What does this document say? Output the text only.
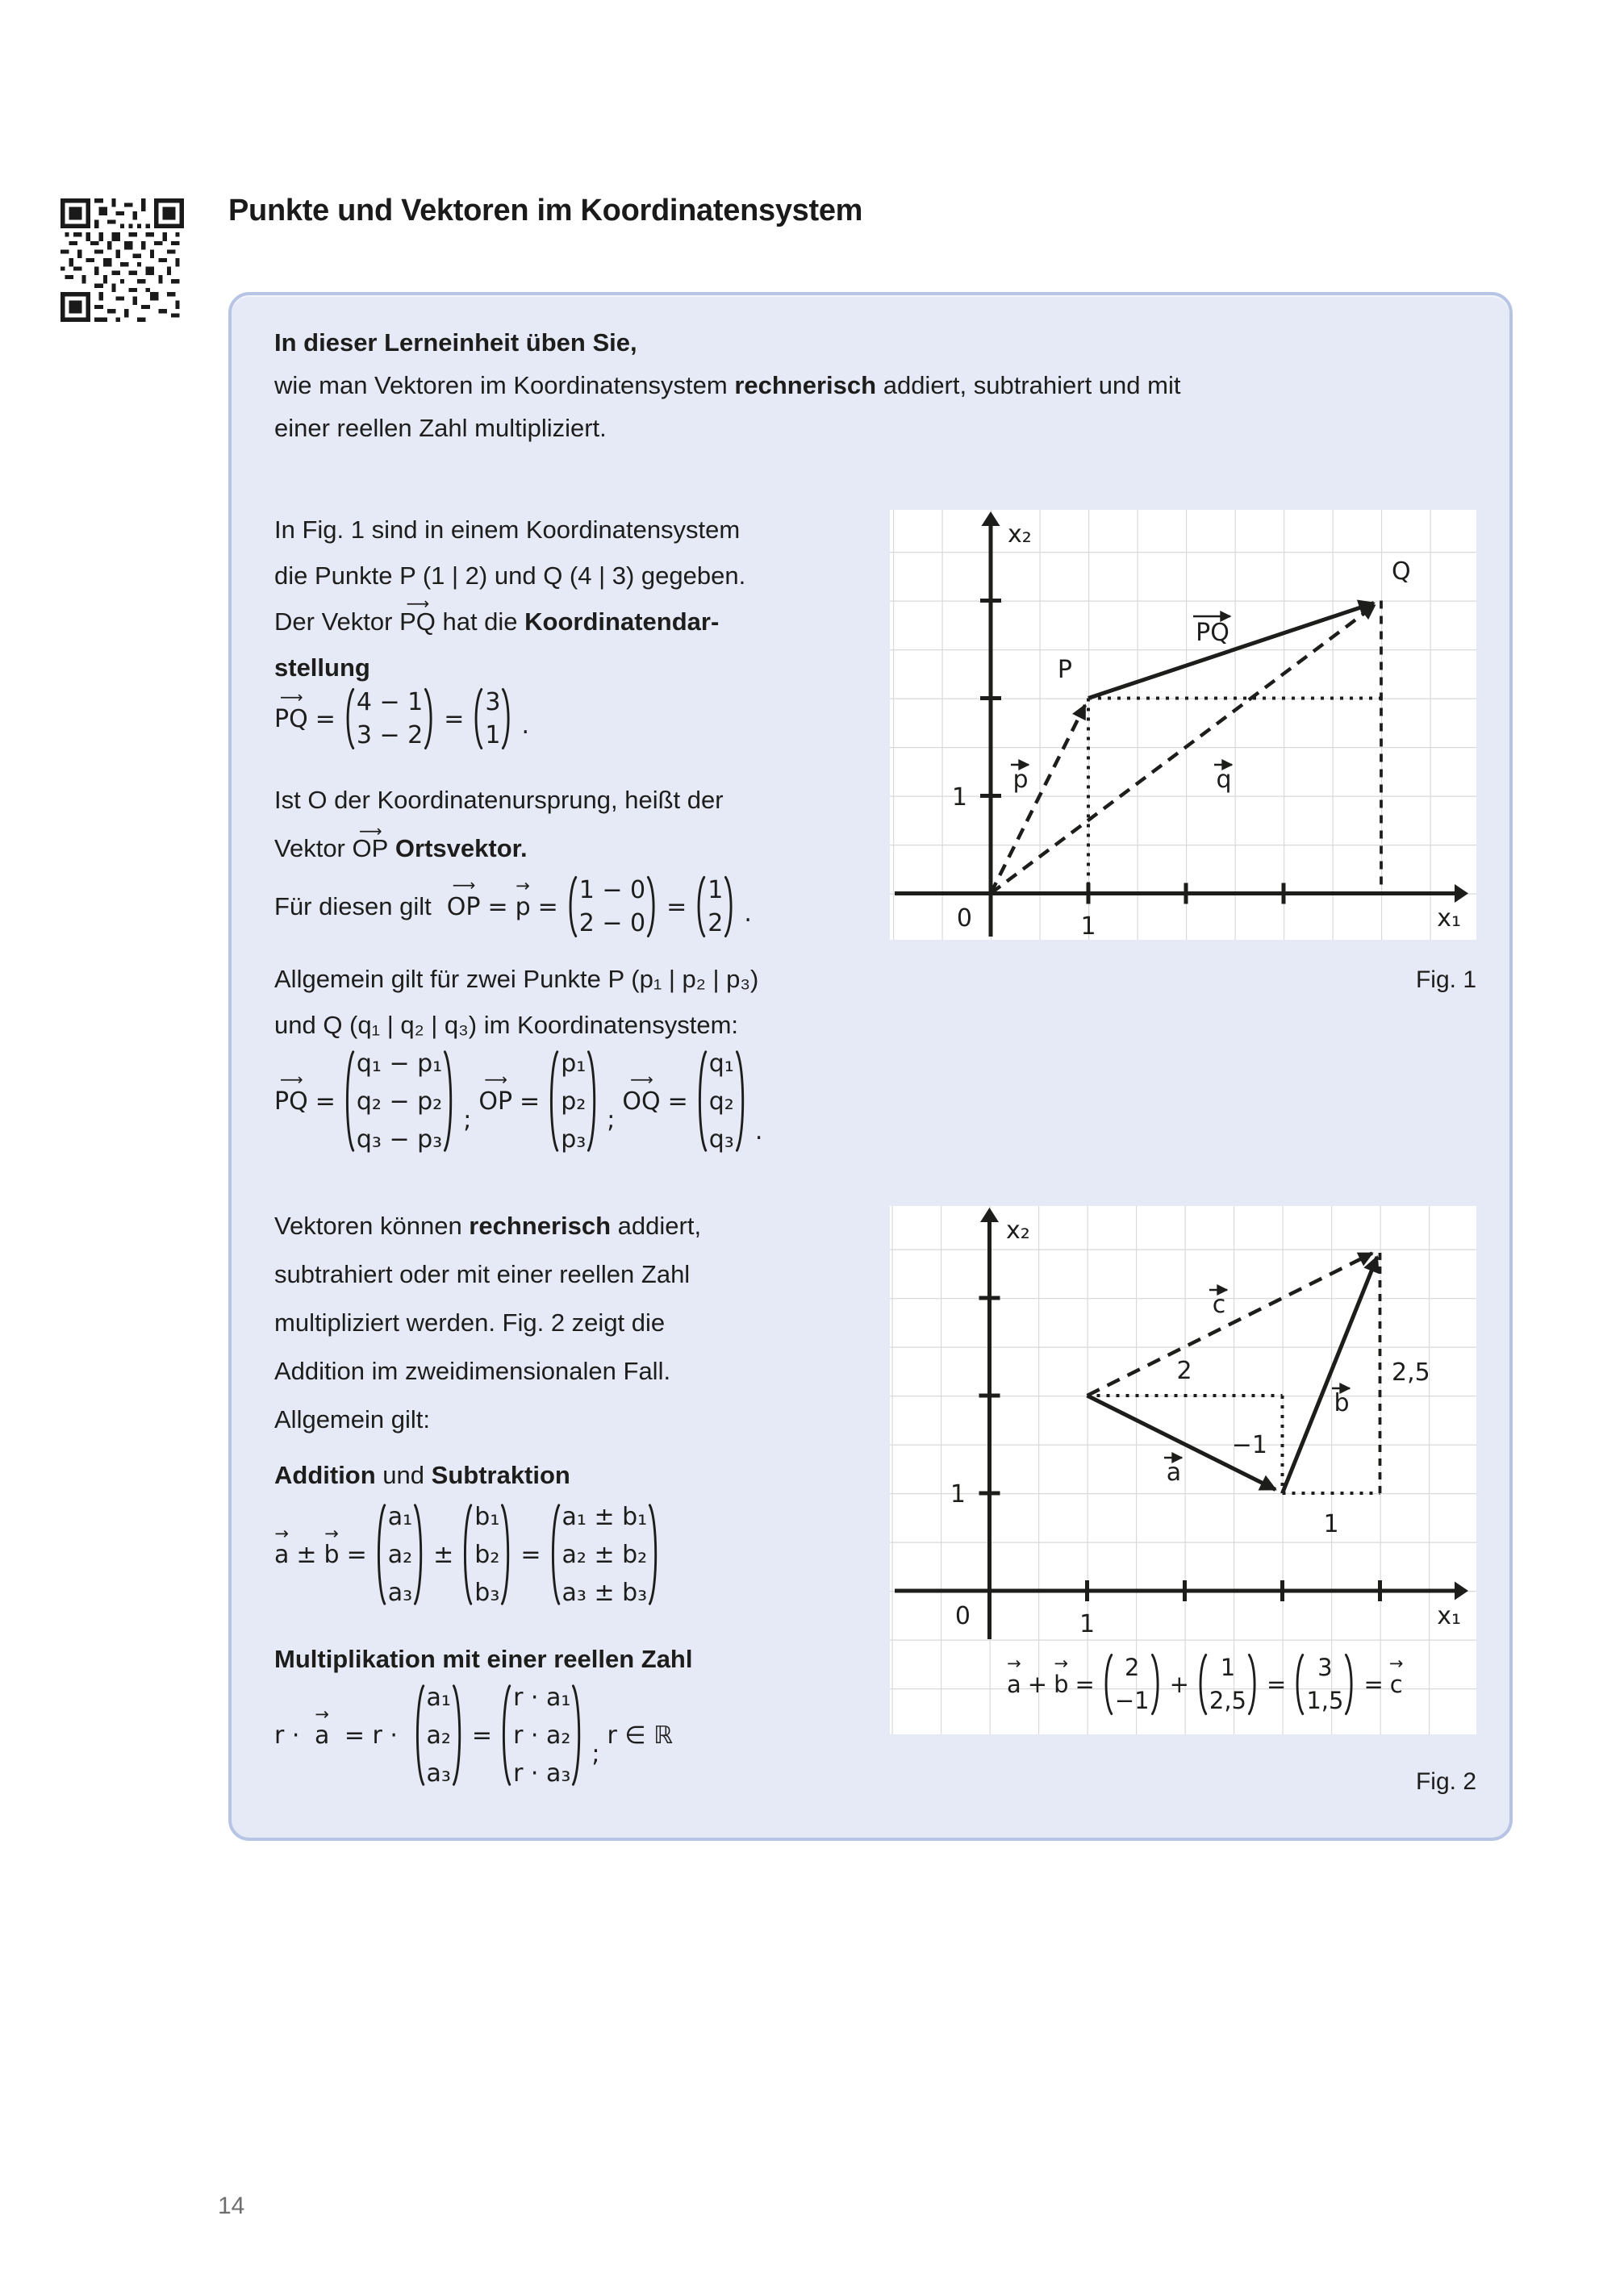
Punkte und Vektoren im Koordinatensystem
In dieser Lerneinheit üben Sie,
wie man Vektoren im Koordinatensystem rechnerisch addiert, subtrahiert und mit
einer reellen Zahl multipliziert.
In Fig. 1 sind in einem Koordinatensystem
die Punkte P (1 | 2) und Q (4 | 3) gegeben.
Der Vektor ⟶ PQ hat die Koordinatendar-
stellung
⟶ PQ =
4 − 1
3 − 2
=
3
1 .
Ist O der Koordinatenursprung, heißt der
Vektor ⟶ OP Ortsvektor.
Für diesen gilt ⟶ OP = → p =
1 − 0
2 − 0
=
1
2 .
Allgemein gilt für zwei Punkte P (p₁ | p₂ | p₃)
und Q (q₁ | q₂ | q₃) im Koordinatensystem:
⟶ PQ =
q₁ − p₁
q₂ − p₂
q₃ − p₃
;
⟶ OP =
p₁
p₂
p₃
;
⟶ OQ =
q₁
q₂
q₃ .
Vektoren können rechnerisch addiert,
subtrahiert oder mit einer reellen Zahl
multipliziert werden. Fig. 2 zeigt die
Addition im zweidimensionalen Fall.
Allgemein gilt:
Addition und Subtraktion
→ a ± → b =
a₁
a₂
a₃
±
b₁
b₂
b₃
=
a₁ ± b₁
a₂ ± b₂
a₃ ± b₃
Multiplikation mit einer reellen Zahl
r · → a = r ·
a₁
a₂
a₃
=
r · a₁
r · a₂
r · a₃
;
r ∈ ℝ
x₂
x₁
0	1
1
P
Q
p	q
PQ
Fig. 1
x₂
x₁
0	1
1
2
−1
1
2,5
a
b
c
→ a + → b =
2
−1
+
1
2,5
=
3
1,5
= → c
Fig. 2
14
